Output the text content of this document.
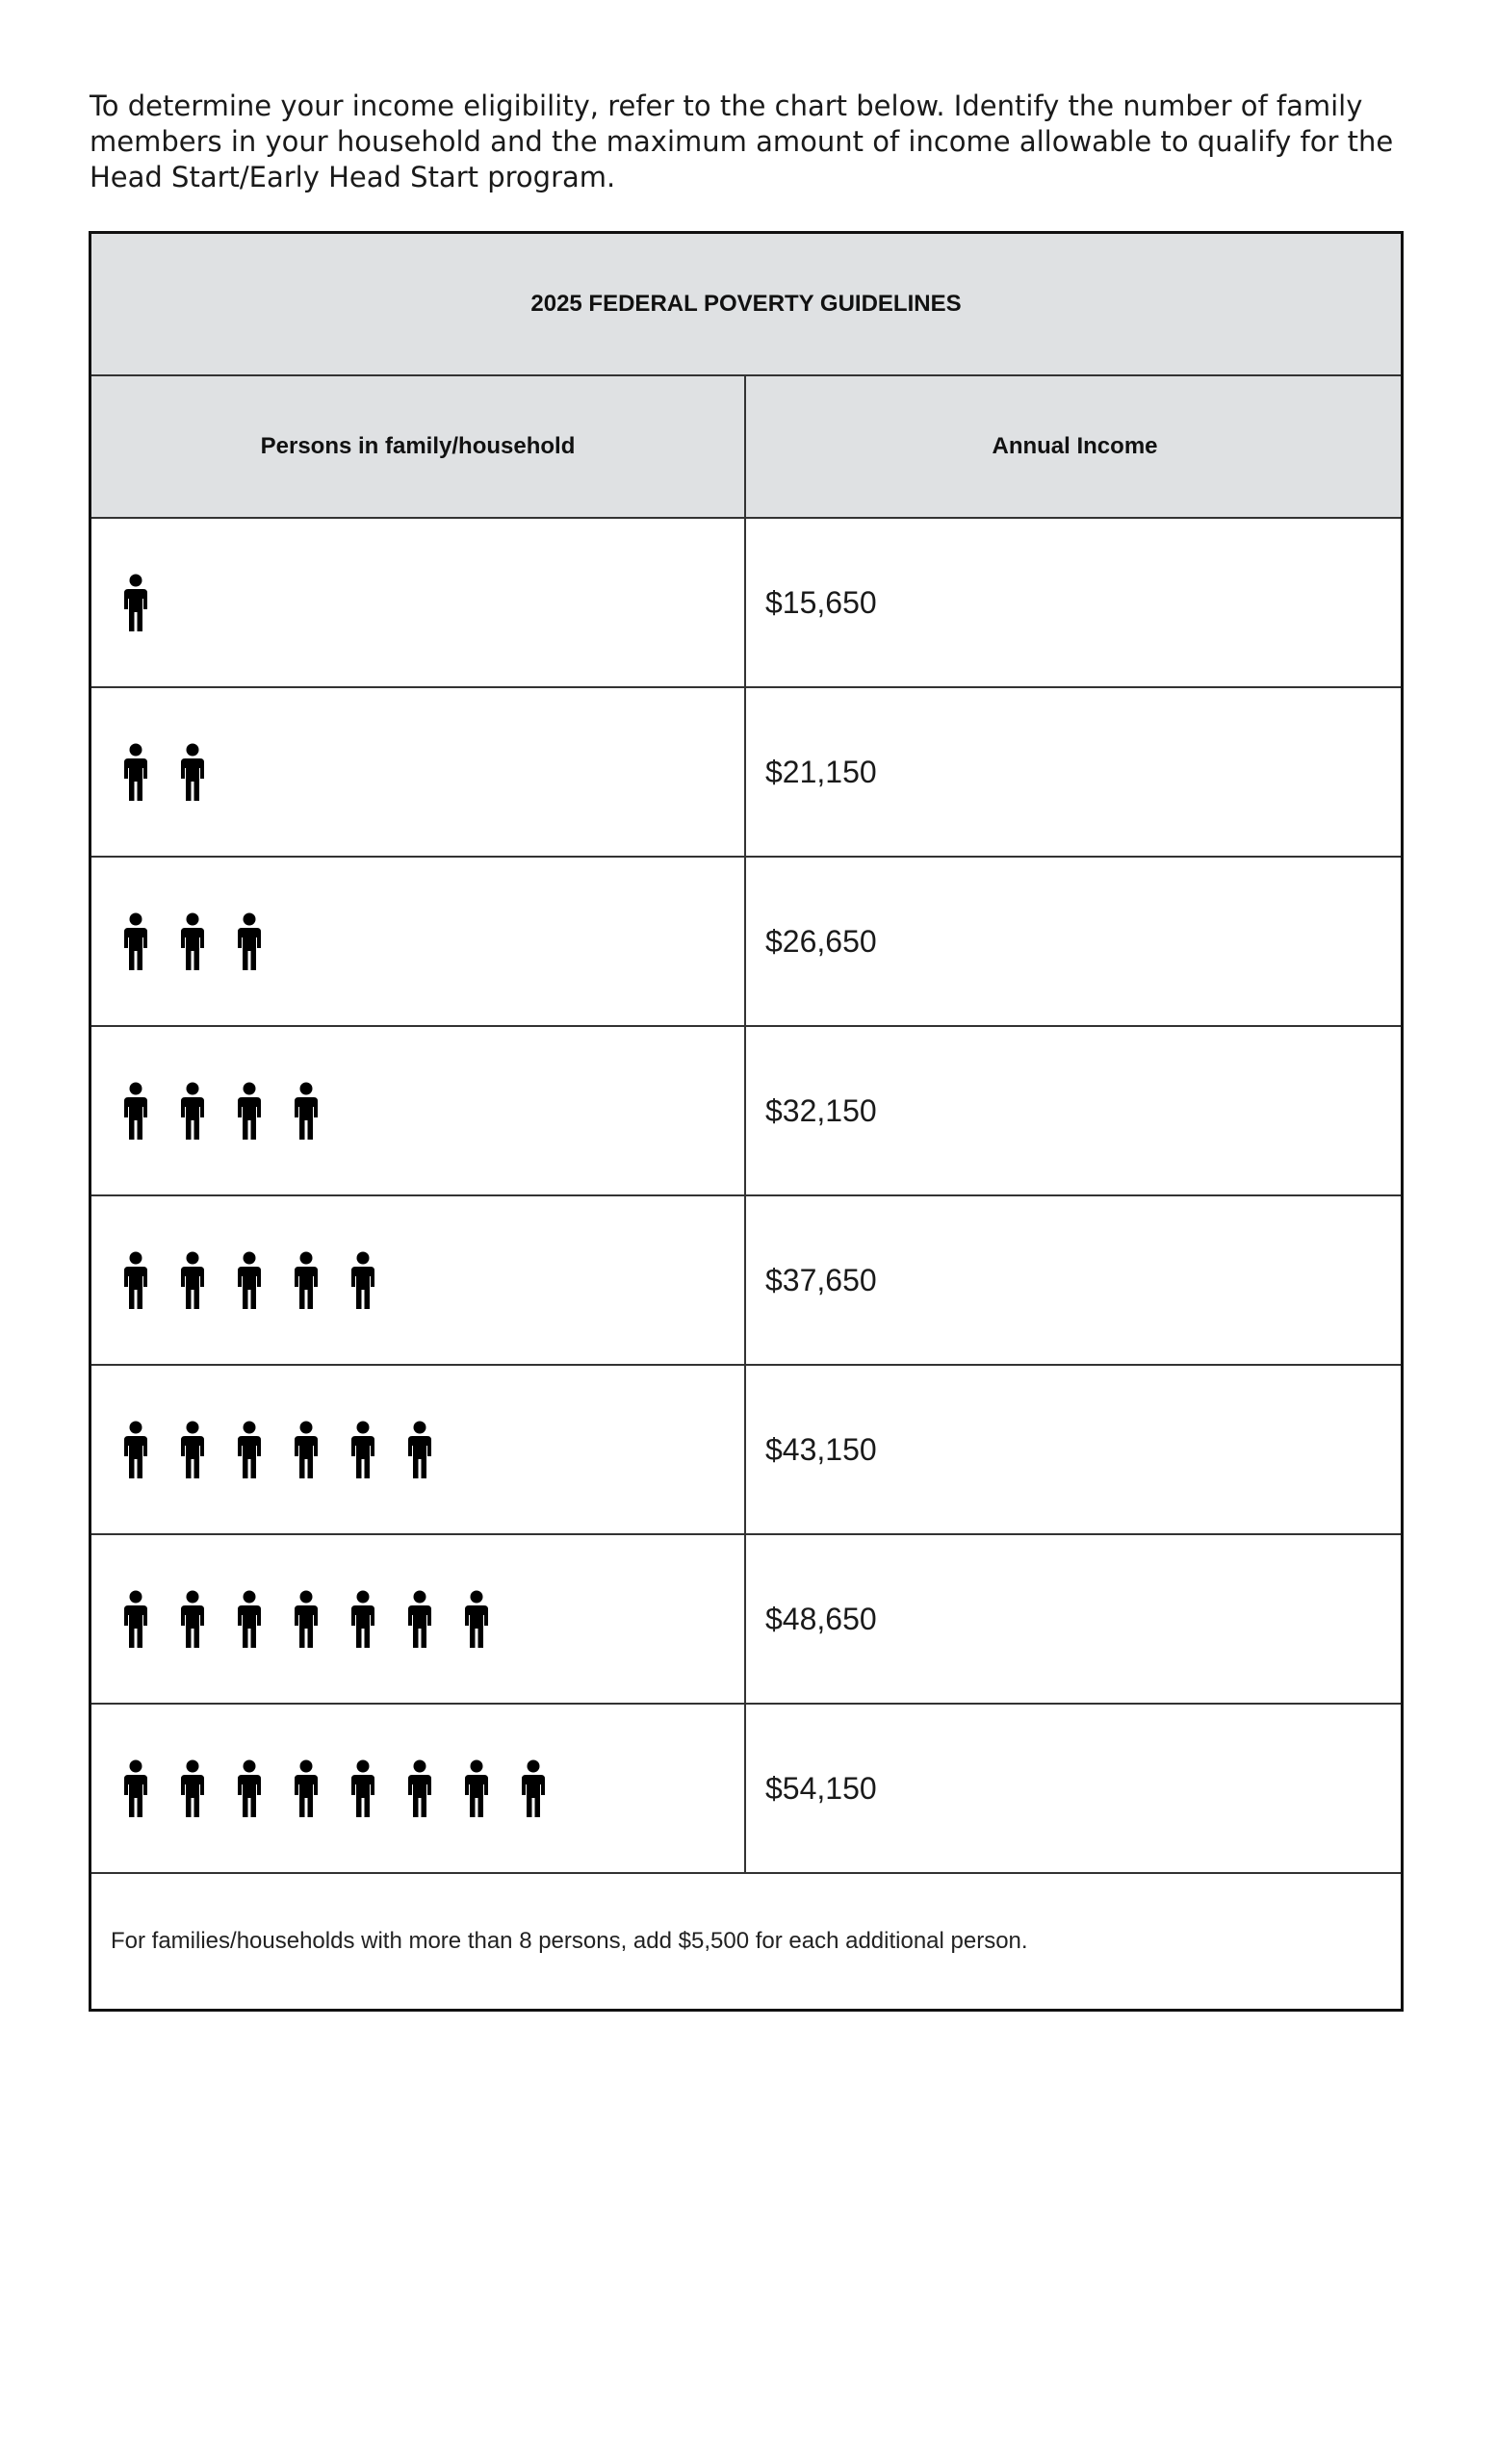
To determine your income eligibility, refer to the chart below. Identify the number of family members in your household and the maximum amount of income allowable to qualify for the Head Start/Early Head Start program.

2025 FEDERAL POVERTY GUIDELINES
Persons in family/household	Annual Income
$15,650
$21,150
$26,650
$32,150
$37,650
$43,150
$48,650
$54,150
For families/households with more than 8 persons, add $5,500 for each additional person.
